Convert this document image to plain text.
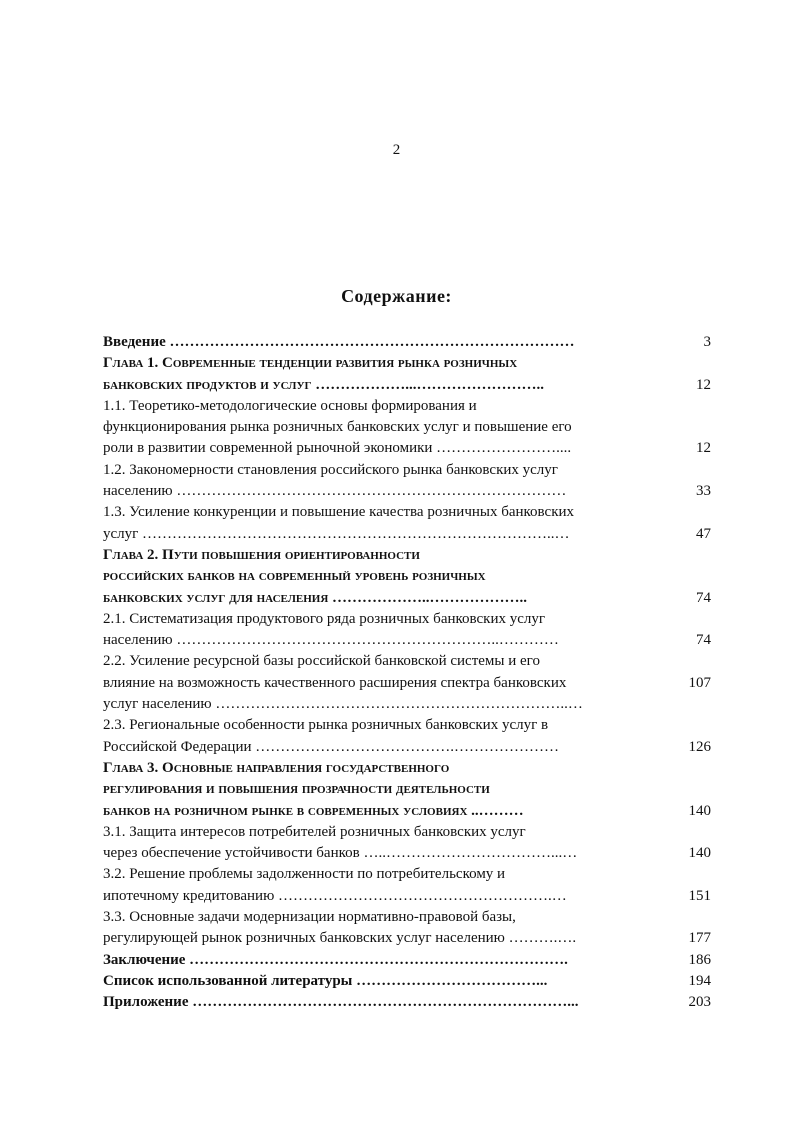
2
Содержание:
Введение ………………………………………………………………………	3
Глава 1. Современные тенденции развития рынка розничных
банковских продуктов и услуг ………………...……………………..	12
1.1. Теоретико-методологические основы формирования и
функционирования рынка розничных банковских услуг и повышение его
роли в развитии современной рыночной экономики ……………………....	12
1.2. Закономерности становления российского рынка банковских услуг
населению ……………………………………………………………………	33
1.3. Усиление конкуренции и повышение качества розничных банковских
услуг ………………………………………………………………………..…	47
Глава 2. Пути повышения ориентированности
российских банков на современный уровень розничных
банковских услуг для населения ………………..………………..	74
2.1. Систематизация продуктового ряда розничных банковских услуг
населению ………………………………………………………..…………	74
2.2. Усиление ресурсной базы российской банковской системы и его
влияние на возможность качественного расширения спектра банковских	107
услуг населению ……………………………………………………………..…
2.3. Региональные особенности рынка розничных банковских услуг в
Российской Федерации ………………………………….…………………	126
Глава 3. Основные направления государственного
регулирования и повышения прозрачности деятельности
банков на розничном рынке в современных условиях ..………	140
3.1. Защита интересов потребителей розничных банковских услуг
через обеспечение устойчивости банков …..……………………………...…	140
3.2. Решение проблемы задолженности по потребительскому и
ипотечному кредитованию ……………………………………………….…	151
3.3. Основные задачи модернизации нормативно-правовой базы,
регулирующей рынок розничных банковских услуг населению ……….….	177
Заключение ………………………………………………………………….	186
Список использованной литературы ………………………………...	194
Приложение …………………………………………………………………...	203
